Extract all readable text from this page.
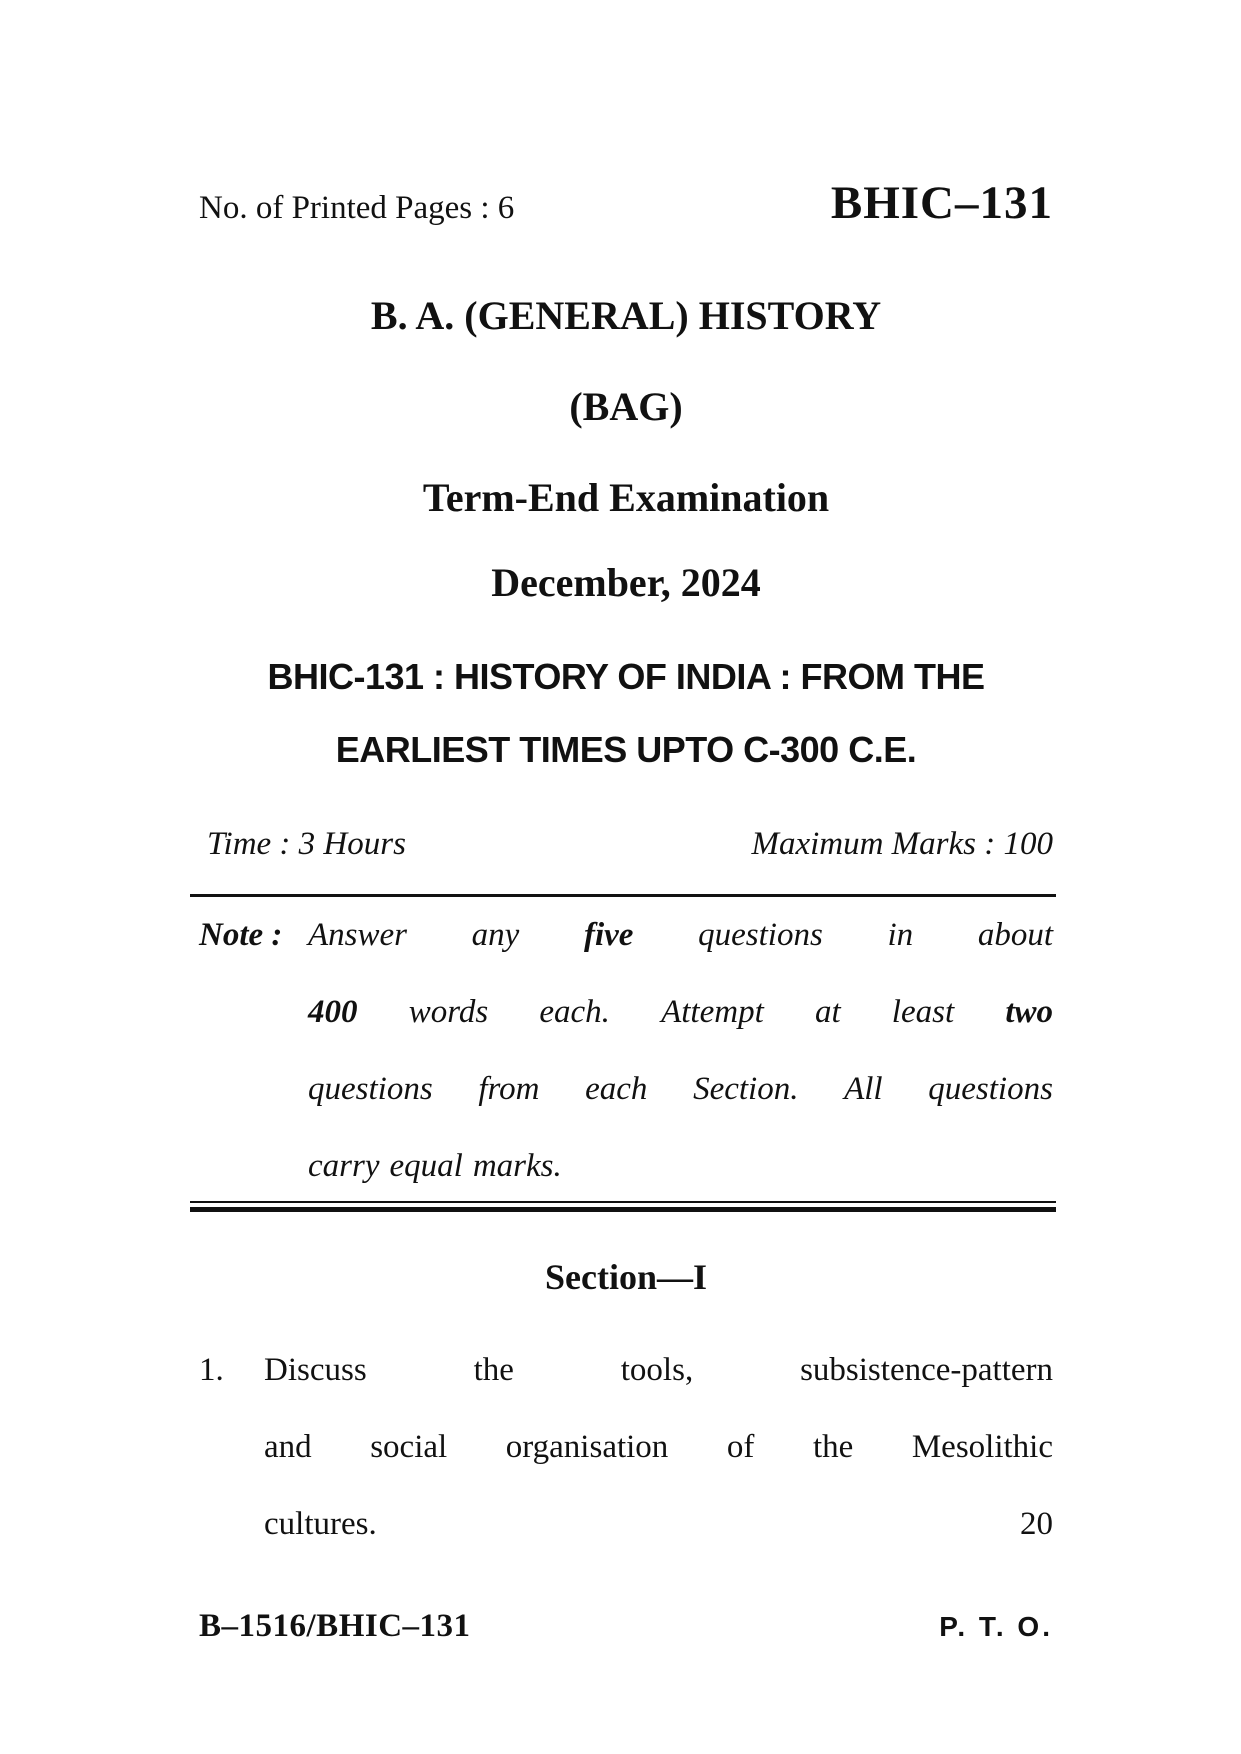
No. of Printed Pages : 6	BHIC–131
B. A. (GENERAL) HISTORY
(BAG)
Term-End Examination
December, 2024
BHIC-131 : HISTORY OF INDIA : FROM THE
EARLIEST TIMES UPTO C-300 C.E.
Time : 3 Hours	Maximum Marks : 100
Note : Answer any five questions in about
400 words each. Attempt at least two
questions from each Section. All questions
carry equal marks.
Section—I
1. Discuss	the	tools,	subsistence-pattern
and social organisation of the Mesolithic
cultures.	20
B–1516/BHIC–131	P. T. O.
